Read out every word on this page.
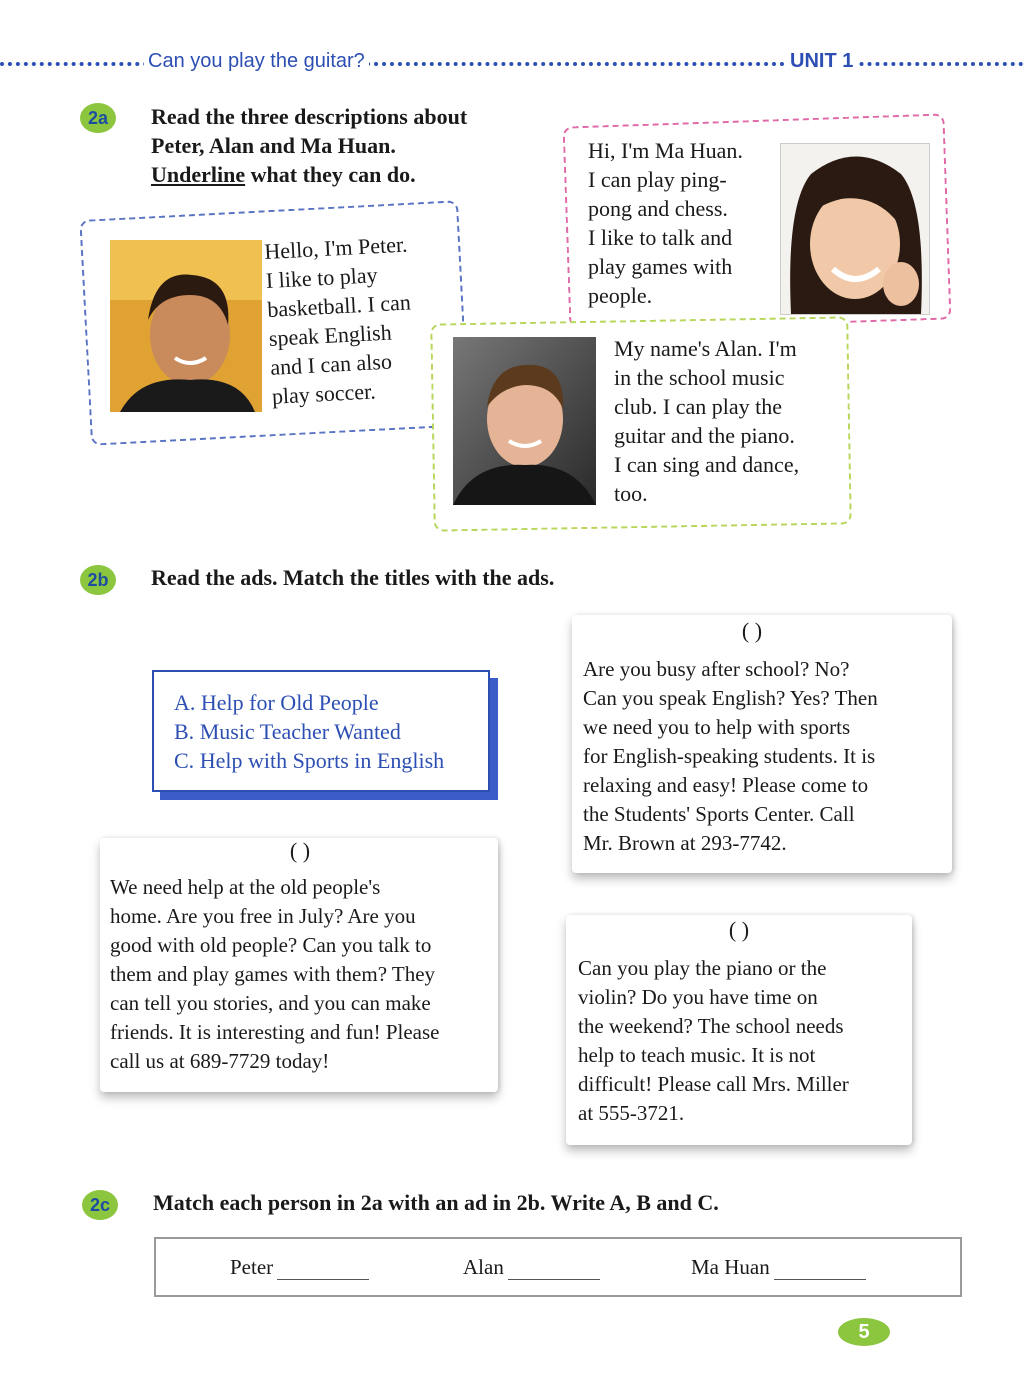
Can you play the guitar?	UNIT 1
2a	Read the three descriptions about
Peter, Alan and Ma Huan.
Underline what they can do.
Hello, I'm Peter.
I like to play
basketball. I can
speak English
and I can also
play soccer.
Hi, I'm Ma Huan.
I can play ping-
pong and chess.
I like to talk and
play games with
people.
My name's Alan. I'm
in the school music
club. I can play the
guitar and the piano.
I can sing and dance,
too.
2b	Read the ads. Match the titles with the ads.
A. Help for Old People
B. Music Teacher Wanted
C. Help with Sports in English
( )
Are you busy after school? No?
Can you speak English? Yes? Then
we need you to help with sports
for English-speaking students. It is
relaxing and easy! Please come to
the Students' Sports Center. Call
Mr. Brown at 293-7742.
( )
We need help at the old people's
home. Are you free in July? Are you
good with old people? Can you talk to
them and play games with them? They
can tell you stories, and you can make
friends. It is interesting and fun! Please
call us at 689-7729 today!
( )
Can you play the piano or the
violin? Do you have time on
the weekend? The school needs
help to teach music. It is not
difficult! Please call Mrs. Miller
at 555-3721.
2c	Match each person in 2a with an ad in 2b. Write A, B and C.
Peter	Alan	Ma Huan
5
